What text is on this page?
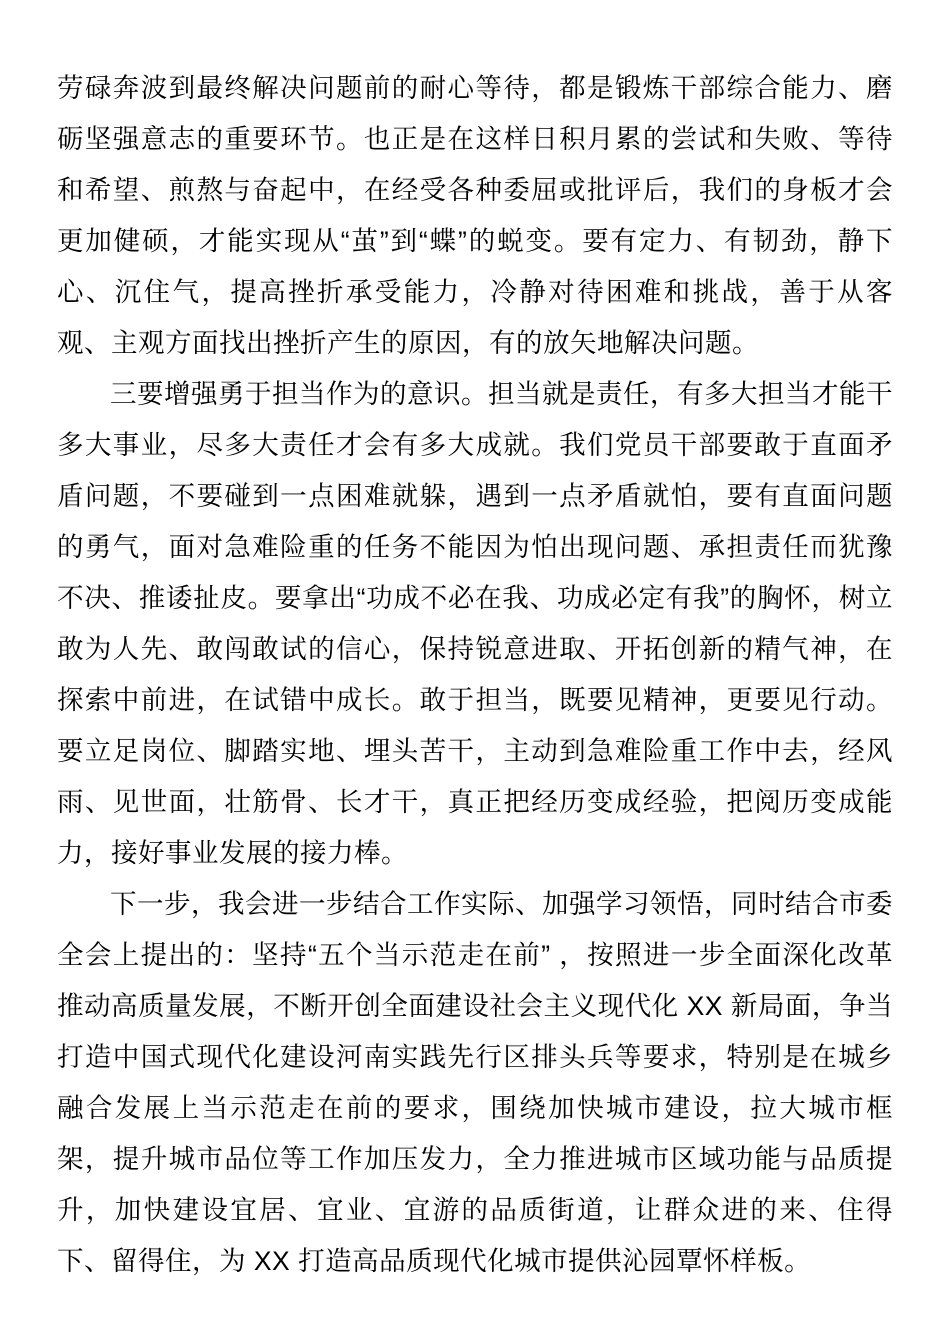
劳碌奔波到最终解决问题前的耐心等待，都是锻炼干部综合能力、磨砺坚强意志的重要环节。也正是在这样日积月累的尝试和失败、等待和希望、煎熬与奋起中，在经受各种委屈或批评后，我们的身板才会更加健硕，才能实现从“茧”到“蝶”的蜕变。要有定力、有韧劲，静下心、沉住气，提高挫折承受能力，冷静对待困难和挑战，善于从客观、主观方面找出挫折产生的原因，有的放矢地解决问题。

三要增强勇于担当作为的意识。担当就是责任，有多大担当才能干多大事业，尽多大责任才会有多大成就。我们党员干部要敢于直面矛盾问题，不要碰到一点困难就躲，遇到一点矛盾就怕，要有直面问题的勇气，面对急难险重的任务不能因为怕出现问题、承担责任而犹豫不决、推诿扯皮。要拿出“功成不必在我、功成必定有我”的胸怀，树立敢为人先、敢闯敢试的信心，保持锐意进取、开拓创新的精气神，在探索中前进，在试错中成长。敢于担当，既要见精神，更要见行动。要立足岗位、脚踏实地、埋头苦干，主动到急难险重工作中去，经风雨、见世面，壮筋骨、长才干，真正把经历变成经验，把阅历变成能力，接好事业发展的接力棒。

下一步，我会进一步结合工作实际、加强学习领悟，同时结合市委全会上提出的：坚持“五个当示范走在前” ，按照进一步全面深化改革推动高质量发展，不断开创全面建设社会主义现代化 XX 新局面，争当打造中国式现代化建设河南实践先行区排头兵等要求，特别是在城乡融合发展上当示范走在前的要求，围绕加快城市建设，拉大城市框架，提升城市品位等工作加压发力，全力推进城市区域功能与品质提升，加快建设宜居、宜业、宜游的品质街道，让群众进的来、住得下、留得住，为 XX 打造高品质现代化城市提供沁园覃怀样板。
